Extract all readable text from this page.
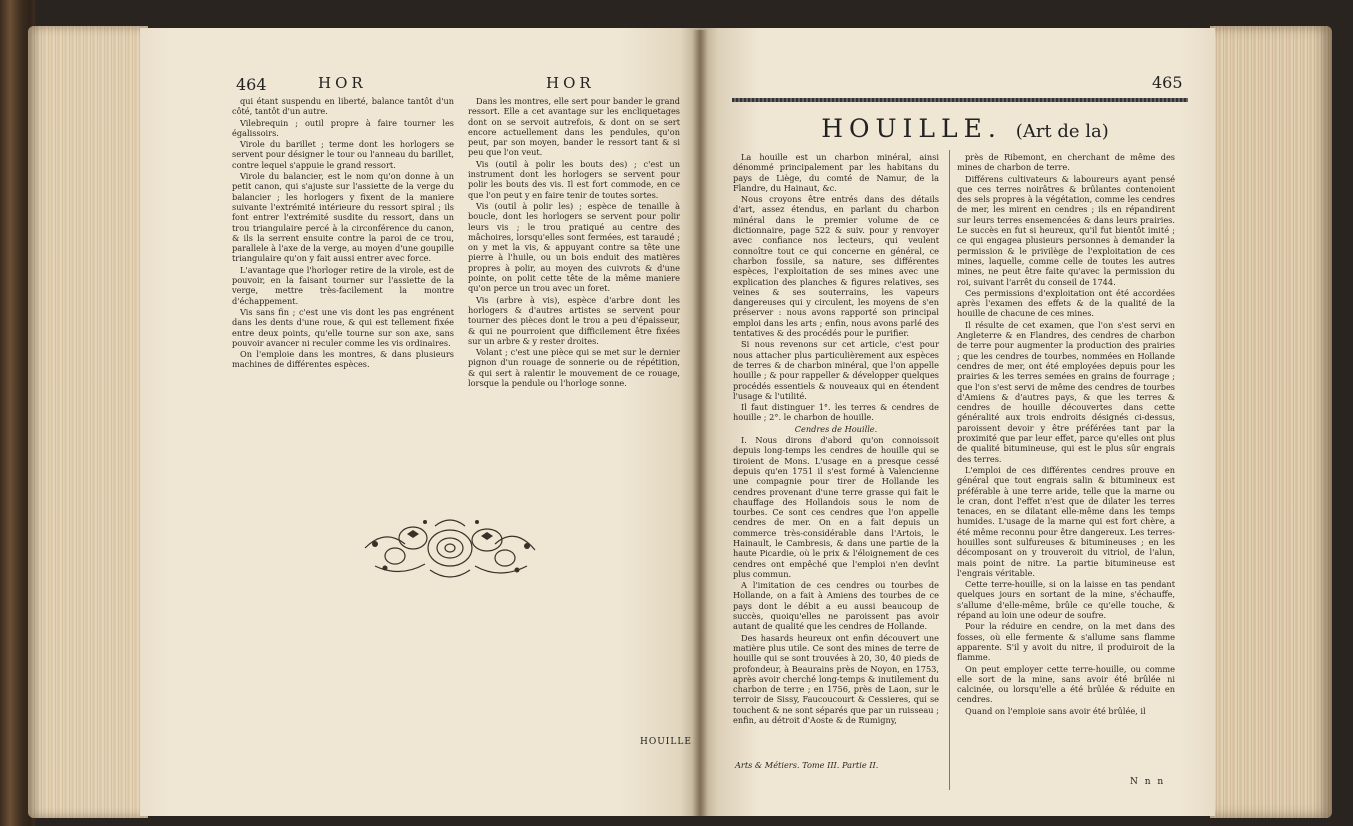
464	HOR	HOR

qui étant suspendu en liberté, balance tantôt d'un côté, tantôt d'un autre.

Vilebrequin ; outil propre à faire tourner les égalissoirs.

Virole du barillet ; terme dont les horlogers se servent pour désigner le tour ou l'anneau du barillet, contre lequel s'appuie le grand ressort.

Virole du balancier, est le nom qu'on donne à un petit canon, qui s'ajuste sur l'assiette de la verge du balancier ; les horlogers y fixent de la maniere suivante l'extrémité intérieure du ressort spiral ; ils font entrer l'extrémité susdite du ressort, dans un trou triangulaire percé à la circonférence du canon, & ils la serrent ensuite contre la paroi de ce trou, parallele à l'axe de la verge, au moyen d'une goupille triangulaire qu'on y fait aussi entrer avec force.

L'avantage que l'horloger retire de la virole, est de pouvoir, en la faisant tourner sur l'assiette de la verge, mettre très-facilement la montre d'échappement.

Vis sans fin ; c'est une vis dont les pas engrénent dans les dents d'une roue, & qui est tellement fixée entre deux points, qu'elle tourne sur son axe, sans pouvoir avancer ni reculer comme les vis ordinaires.

On l'emploie dans les montres, & dans plusieurs machines de différentes espèces.

Dans les montres, elle sert pour bander le grand ressort. Elle a cet avantage sur les encliquetages dont on se servoit autrefois, & dont on se sert encore actuellement dans les pendules, qu'on peut, par son moyen, bander le ressort tant & si peu que l'on veut.

Vis (outil à polir les bouts des) ; c'est un instrument dont les horlogers se servent pour polir les bouts des vis. Il est fort commode, en ce que l'on peut y en faire tenir de toutes sortes.

Vis (outil à polir les) ; espèce de tenaille à boucle, dont les horlogers se servent pour polir leurs vis ; le trou pratiqué au centre des mâchoires, lorsqu'elles sont fermées, est taraudé ; on y met la vis, & appuyant contre sa tête une pierre à l'huile, ou un bois enduit des matières propres à polir, au moyen des cuivrots & d'une pointe, on polit cette tête de la même maniere qu'on perce un trou avec un foret.

Vis (arbre à vis), espèce d'arbre dont les horlogers & d'autres artistes se servent pour tourner des pièces dont le trou a peu d'épaisseur, & qui ne pourroient que difficilement être fixées sur un arbre & y rester droites.

Volant ; c'est une pièce qui se met sur le dernier pignon d'un rouage de sonnerie ou de répétition, & qui sert à ralentir le mouvement de ce rouage, lorsque la pendule ou l'horloge sonne.

HOUILLE
465
HOUILLE. (Art de la)

La houille est un charbon minéral, ainsi dénommé principalement par les habitans du pays de Liège, du comté de Namur, de la Flandre, du Hainaut, &c.

Nous croyons être entrés dans des détails d'art, assez étendus, en parlant du charbon minéral dans le premier volume de ce dictionnaire, page 522 & suiv. pour y renvoyer avec confiance nos lecteurs, qui veulent connoître tout ce qui concerne en général, ce charbon fossile, sa nature, ses différentes espèces, l'exploitation de ses mines avec une explication des planches & figures relatives, ses veines & ses souterrains, les vapeurs dangereuses qui y circulent, les moyens de s'en préserver : nous avons rapporté son principal emploi dans les arts ; enfin, nous avons parlé des tentatives & des procédés pour le purifier.

Si nous revenons sur cet article, c'est pour nous attacher plus particulièrement aux espèces de terres & de charbon minéral, que l'on appelle houille ; & pour rappeller & développer quelques procédés essentiels & nouveaux qui en étendent l'usage & l'utilité.

Il faut distinguer 1°. les terres & cendres de houille ; 2°. le charbon de houille.

Cendres de Houille.

I. Nous dirons d'abord qu'on connoissoit depuis long-temps les cendres de houille qui se tiroient de Mons. L'usage en a presque cessé depuis qu'en 1751 il s'est formé à Valencienne une compagnie pour tirer de Hollande les cendres provenant d'une terre grasse qui fait le chauffage des Hollandois sous le nom de tourbes. Ce sont ces cendres que l'on appelle cendres de mer. On en a fait depuis un commerce très-considérable dans l'Artois, le Hainault, le Cambresis, & dans une partie de la haute Picardie, où le prix & l'éloignement de ces cendres ont empêché que l'emploi n'en devînt plus commun.

A l'imitation de ces cendres ou tourbes de Hollande, on a fait à Amiens des tourbes de ce pays dont le débit a eu aussi beaucoup de succès, quoiqu'elles ne paroissent pas avoir autant de qualité que les cendres de Hollande.

Des hasards heureux ont enfin découvert une matière plus utile. Ce sont des mines de terre de houille qui se sont trouvées à 20, 30, 40 pieds de profondeur, à Beaurains près de Noyon, en 1753, après avoir cherché long-temps & inutilement du charbon de terre ; en 1756, près de Laon, sur le terroir de Sissy, Faucoucourt & Cessieres, qui se touchent & ne sont séparés que par un ruisseau ; enfin, au détroit d'Aoste & de Rumigny,

près de Ribemont, en cherchant de même des mines de charbon de terre.

Différens cultivateurs & laboureurs ayant pensé que ces terres noirâtres & brûlantes contenoient des sels propres à la végétation, comme les cendres de mer, les mirent en cendres ; ils en répandirent sur leurs terres ensemencées & dans leurs prairies. Le succès en fut si heureux, qu'il fut bientôt imité ; ce qui engagea plusieurs personnes à demander la permission & le privilège de l'exploitation de ces mines, laquelle, comme celle de toutes les autres mines, ne peut être faite qu'avec la permission du roi, suivant l'arrêt du conseil de 1744.

Ces permissions d'exploitation ont été accordées après l'examen des effets & de la qualité de la houille de chacune de ces mines.

Il résulte de cet examen, que l'on s'est servi en Angleterre & en Flandres, des cendres de charbon de terre pour augmenter la production des prairies ; que les cendres de tourbes, nommées en Hollande cendres de mer, ont été employées depuis pour les prairies & les terres semées en grains de fourrage ; que l'on s'est servi de même des cendres de tourbes d'Amiens & d'autres pays, & que les terres & cendres de houille découvertes dans cette généralité aux trois endroits désignés ci-dessus, paroissent devoir y être préférées tant par la proximité que par leur effet, parce qu'elles ont plus de qualité bitumineuse, qui est le plus sûr engrais des terres.

L'emploi de ces différentes cendres prouve en général que tout engrais salin & bitumineux est préférable à une terre aride, telle que la marne ou le cran, dont l'effet n'est que de dilater les terres tenaces, en se dilatant elle-même dans les temps humides. L'usage de la marne qui est fort chère, a été même reconnu pour être dangereux. Les terres-houilles sont sulfureuses & bitumineuses ; en les décomposant on y trouveroit du vitriol, de l'alun, mais point de nitre. La partie bitumineuse est l'engrais véritable.

Cette terre-houille, si on la laisse en tas pendant quelques jours en sortant de la mine, s'échauffe, s'allume d'elle-même, brûle ce qu'elle touche, & répand au loin une odeur de soufre.

Pour la réduire en cendre, on la met dans des fosses, où elle fermente & s'allume sans flamme apparente. S'il y avoit du nitre, il produiroit de la flamme.

On peut employer cette terre-houille, ou comme elle sort de la mine, sans avoir été brûlée ni calcinée, ou lorsqu'elle a été brûlée & réduite en cendres.

Quand on l'emploie sans avoir été brûlée, il

Arts & Métiers. Tome III. Partie II.
N n n
